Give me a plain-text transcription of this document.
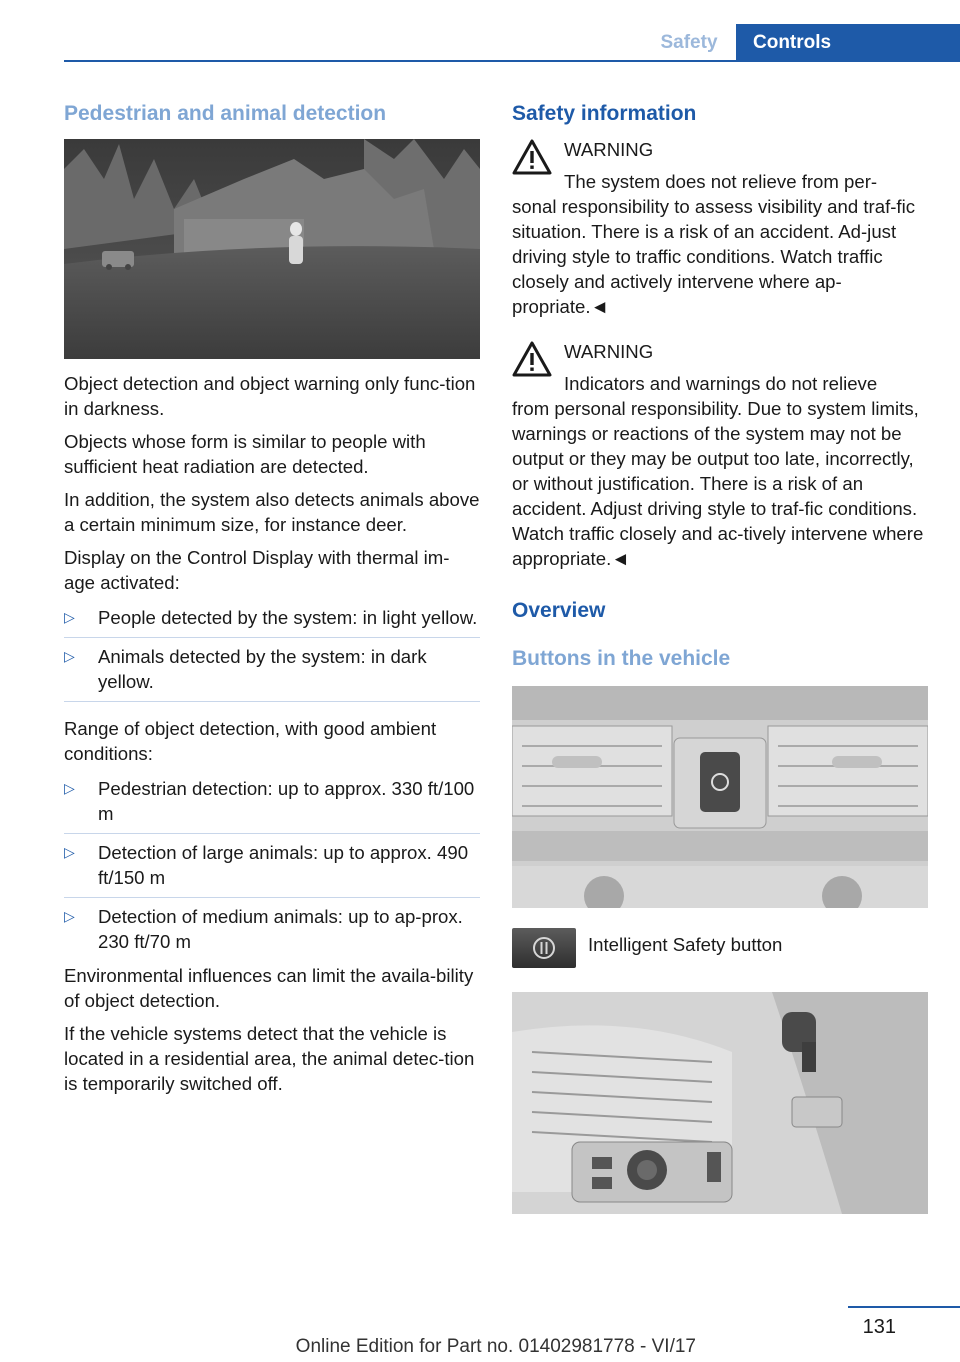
Safety	Controls
Pedestrian and animal detection

Object detection and object warning only func-tion in darkness.

Objects whose form is similar to people with sufficient heat radiation are detected.

In addition, the system also detects animals above a certain minimum size, for instance deer.

Display on the Control Display with thermal im-age activated:

▷ People detected by the system: in light yellow.
▷ Animals detected by the system: in dark yellow.

Range of object detection, with good ambient conditions:

▷ Pedestrian detection: up to approx. 330 ft/100 m
▷ Detection of large animals: up to approx. 490 ft/150 m
▷ Detection of medium animals: up to ap-prox. 230 ft/70 m

Environmental influences can limit the availa-bility of object detection.

If the vehicle systems detect that the vehicle is located in a residential area, the animal detec-tion is temporarily switched off.

Safety information
WARNING
The system does not relieve from per-
sonal responsibility to assess visibility and traf-fic situation. There is a risk of an accident. Ad-just driving style to traffic conditions. Watch traffic closely and actively intervene where ap-propriate.◄
WARNING
Indicators and warnings do not relieve
from personal responsibility. Due to system limits, warnings or reactions of the system may not be output or they may be output too late, incorrectly, or without justification. There is a risk of an accident. Adjust driving style to traf-fic conditions. Watch traffic closely and ac-tively intervene where appropriate.◄
Overview
Buttons in the vehicle
Intelligent Safety button
131
Online Edition for Part no. 01402981778 - VI/17
